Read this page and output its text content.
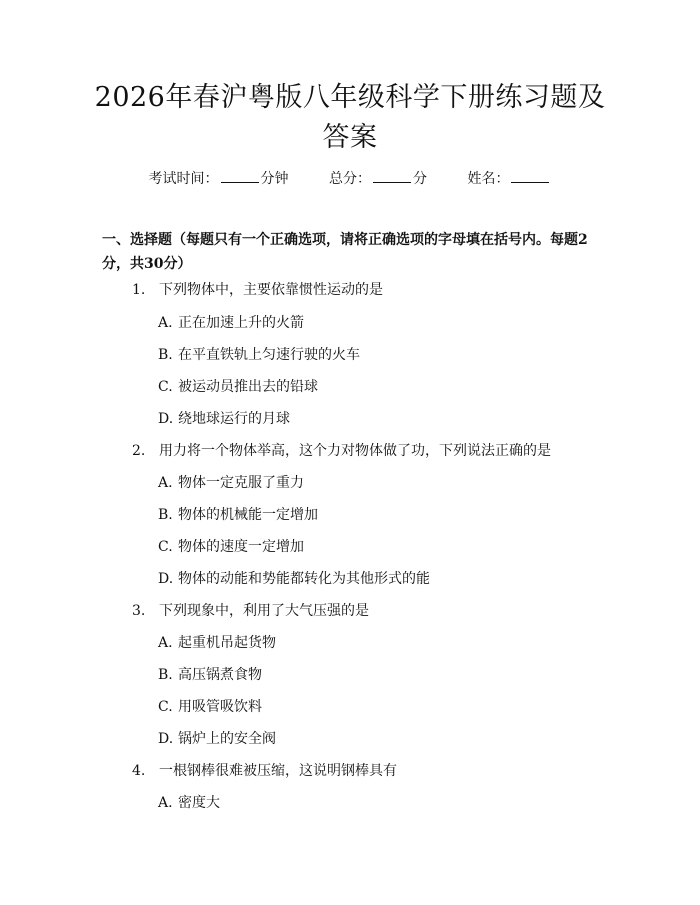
2026年春沪粤版八年级科学下册练习题及答案
考试时间：	分钟	总分：	分	姓名：
一、选择题（每题只有一个正确选项，请将正确选项的字母填在括号内。每题2分，共30分）
1. 下列物体中，主要依靠惯性运动的是
A. 正在加速上升的火箭
B. 在平直铁轨上匀速行驶的火车
C. 被运动员推出去的铅球
D. 绕地球运行的月球
2. 用力将一个物体举高，这个力对物体做了功，下列说法正确的是
A. 物体一定克服了重力
B. 物体的机械能一定增加
C. 物体的速度一定增加
D. 物体的动能和势能都转化为其他形式的能
3. 下列现象中，利用了大气压强的是
A. 起重机吊起货物
B. 高压锅煮食物
C. 用吸管吸饮料
D. 锅炉上的安全阀
4. 一根钢棒很难被压缩，这说明钢棒具有
A. 密度大
